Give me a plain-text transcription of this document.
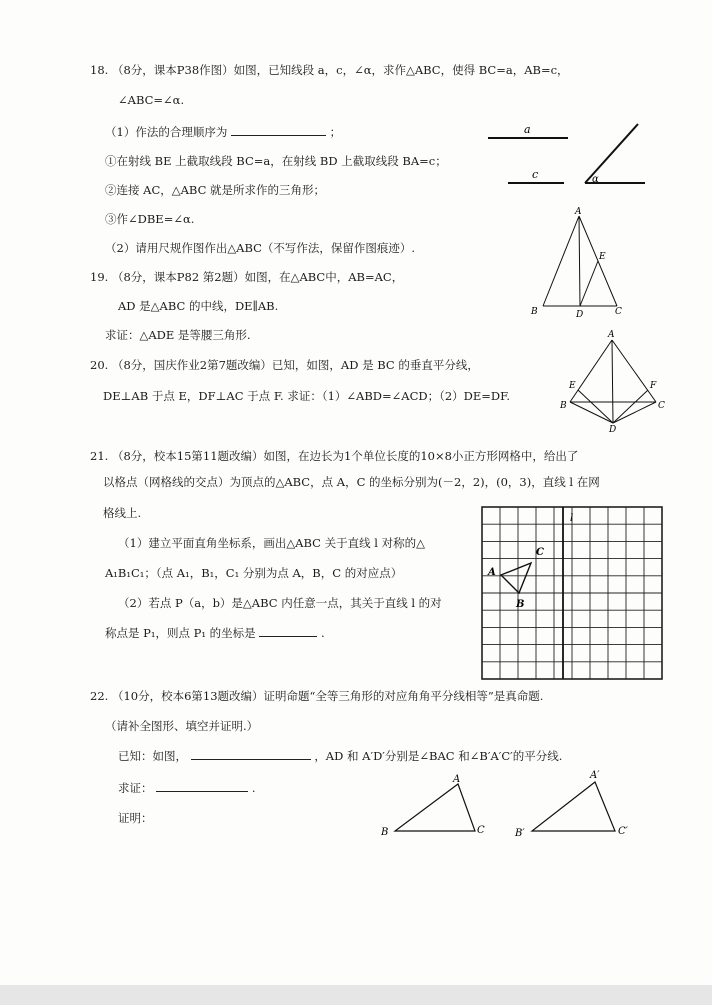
18. （8分，课本P38作图）如图，已知线段 a，c，∠α，求作△ABC，使得 BC=a，AB=c，
∠ABC=∠α.
（1）作法的合理顺序为	；
①在射线 BE 上截取线段 BC=a，在射线 BD 上截取线段 BA=c；
②连接 AC，△ABC 就是所求作的三角形；
③作∠DBE=∠α.
（2）请用尺规作图作出△ABC（不写作法，保留作图痕迹）.
a
c	α
19. （8分，课本P82 第2题）如图，在△ABC中，AB=AC，
AD 是△ABC 的中线，DE∥AB.
求证：△ADE 是等腰三角形.
A
B	C
D
E
20. （8分，国庆作业2第7题改编）已知，如图，AD 是 BC 的垂直平分线，
DE⊥AB 于点 E，DF⊥AC 于点 F. 求证：（1）∠ABD=∠ACD；（2）DE=DF.
A
B	C
D
E	F
21. （8分，校本15第11题改编）如图，在边长为1个单位长度的10×8小正方形网格中，给出了
以格点（网格线的交点）为顶点的△ABC，点 A，C 的坐标分别为(－2，2)，(0，3)，直线 l 在网
格线上.
（1）建立平面直角坐标系，画出△ABC 关于直线 l 对称的△
A₁B₁C₁；（点 A₁，B₁，C₁ 分别为点 A，B，C 的对应点）
（2）若点 P（a，b）是△ABC 内任意一点，其关于直线 l 的对
称点是 P₁，则点 P₁ 的坐标是	.
A
B
C
l
22. （10分，校本6第13题改编）证明命题“全等三角形的对应角角平分线相等”是真命题.
（请补全图形、填空并证明.）
已知：如图，	，AD 和 A′D′分别是∠BAC 和∠B′A′C′的平分线.
求证：	.
证明：
A
B	C
A′
B′	C′
